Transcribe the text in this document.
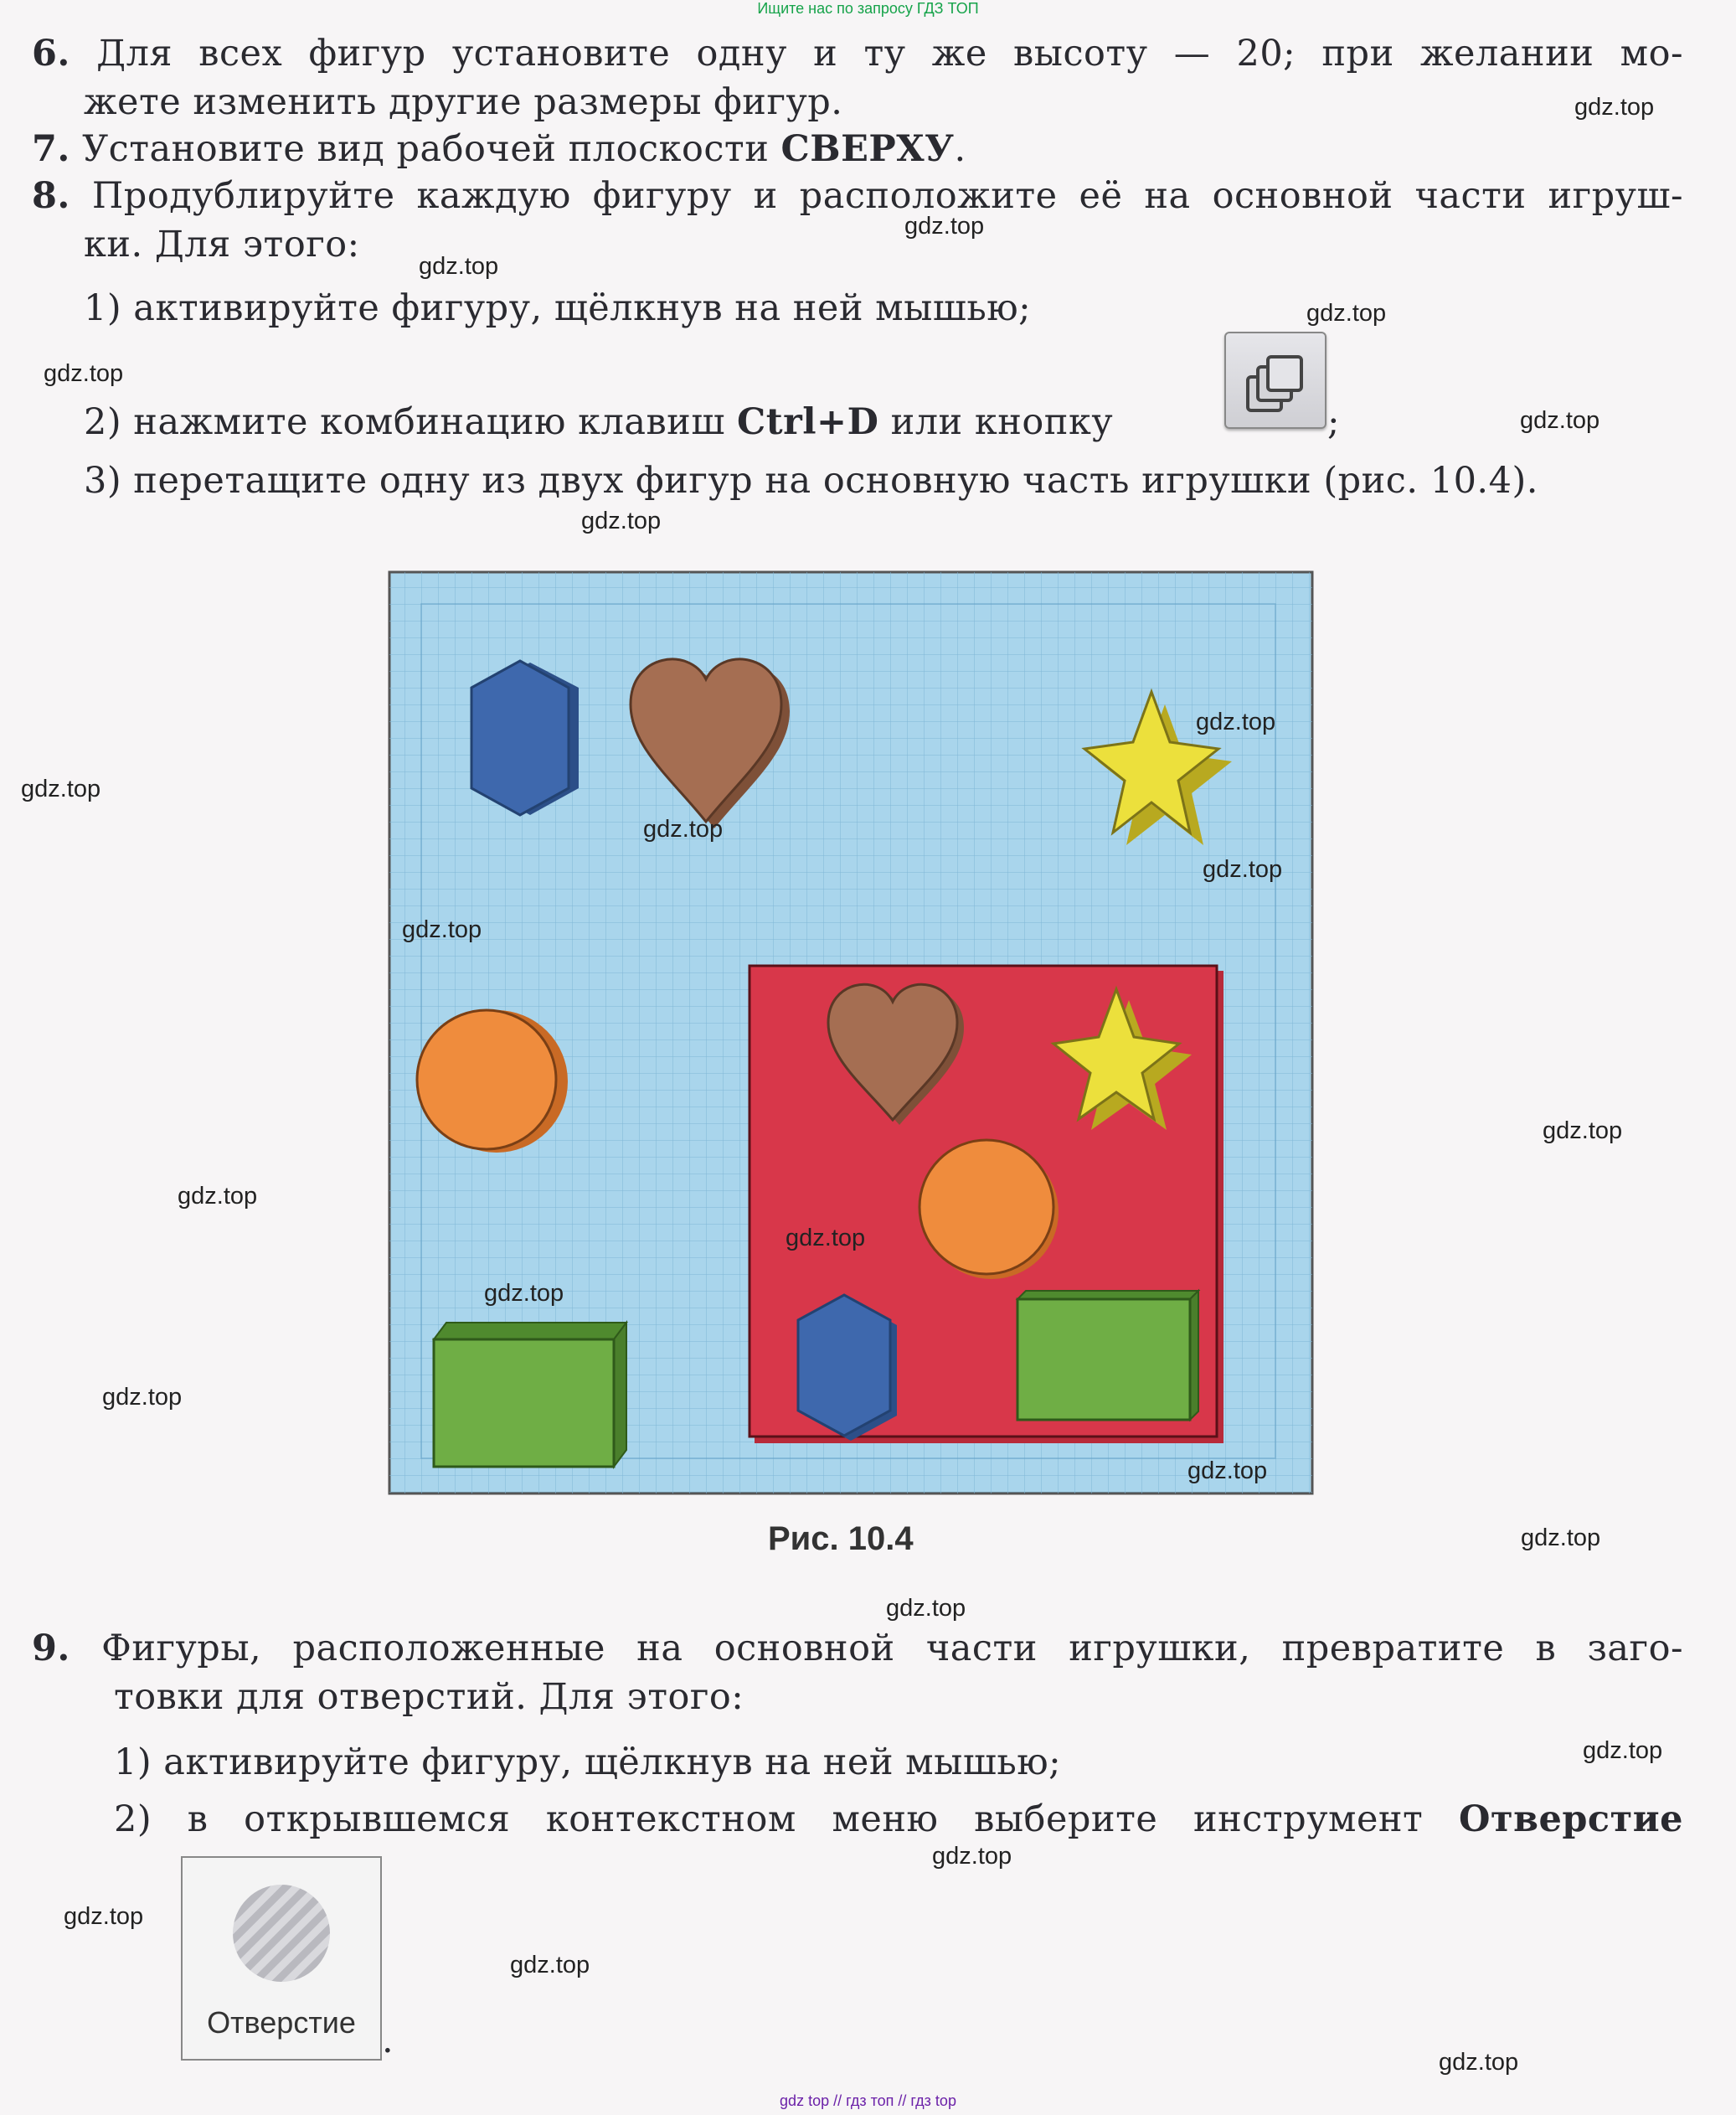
Ищите нас по запросу ГДЗ ТОП
6. Для всех фигур установите одну и ту же высоту — 20; при желании мо-
жете изменить другие размеры фигур.
7. Установите вид рабочей плоскости СВЕРХУ.
8. Продублируйте каждую фигуру и расположите её на основной части игруш-
ки. Для этого:
1) активируйте фигуру, щёлкнув на ней мышью;
2) нажмите комбинацию клавиш Ctrl+D или кнопку	;
3) перетащите одну из двух фигур на основную часть игрушки (рис. 10.4).
Рис. 10.4
9. Фигуры, расположенные на основной части игрушки, превратите в заго-
товки для отверстий. Для этого:
1) активируйте фигуру, щёлкнув на ней мышью;
2) в открывшемся контекстном меню выберите инструмент Отверстие
Отверстие .
gdz.top
gdz.top
gdz.top
gdz.top
gdz.top
gdz.top
gdz.top
gdz.top
gdz.top
gdz.top
gdz.top
gdz.top
gdz.top
gdz.top
gdz.top
gdz.top
gdz.top
gdz.top
gdz.top
gdz.top
gdz.top
gdz.top
gdz.top
gdz.top
gdz.top
gdz top // гдз топ // гдз top
